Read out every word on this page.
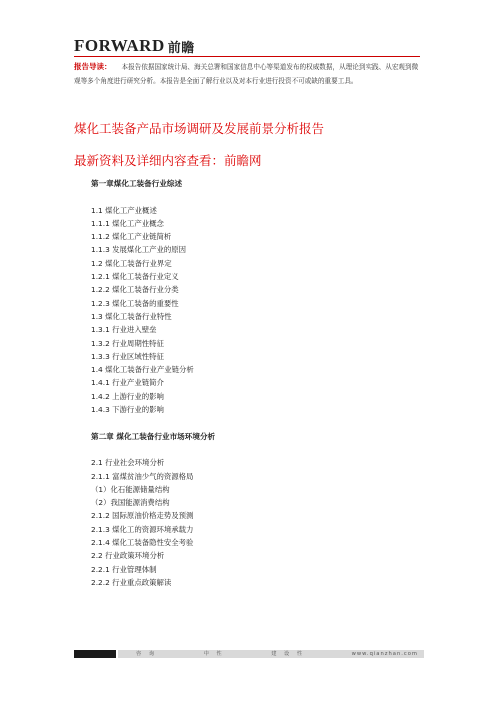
FORWARD 前瞻
报告导读： 本报告依据国家统计局、海关总署和国家信息中心等渠道发布的权威数据，从理论到实践、从宏观到微观等多个角度进行研究分析。本报告是全面了解行业以及对本行业进行投资不可或缺的重要工具。
煤化工装备产品市场调研及发展前景分析报告
最新资料及详细内容查看：前瞻网
第一章煤化工装备行业综述
1.1 煤化工产业概述
1.1.1 煤化工产业概念
1.1.2 煤化工产业链简析
1.1.3 发展煤化工产业的原因
1.2 煤化工装备行业界定
1.2.1 煤化工装备行业定义
1.2.2 煤化工装备行业分类
1.2.3 煤化工装备的重要性
1.3 煤化工装备行业特性
1.3.1 行业进入壁垒
1.3.2 行业周期性特征
1.3.3 行业区域性特征
1.4 煤化工装备行业产业链分析
1.4.1 行业产业链简介
1.4.2 上游行业的影响
1.4.3 下游行业的影响
第二章 煤化工装备行业市场环境分析
2.1 行业社会环境分析
2.1.1 富煤贫油少气的资源格局
（1）化石能源储量结构
（2）我国能源消费结构
2.1.2 国际原油价格走势及预测
2.1.3 煤化工的资源环境承载力
2.1.4 煤化工装备隐性安全考验
2.2 行业政策环境分析
2.2.1 行业管理体制
2.2.2 行业重点政策解读
咨 询	中 性	建 设 性	www.qianzhan.com
